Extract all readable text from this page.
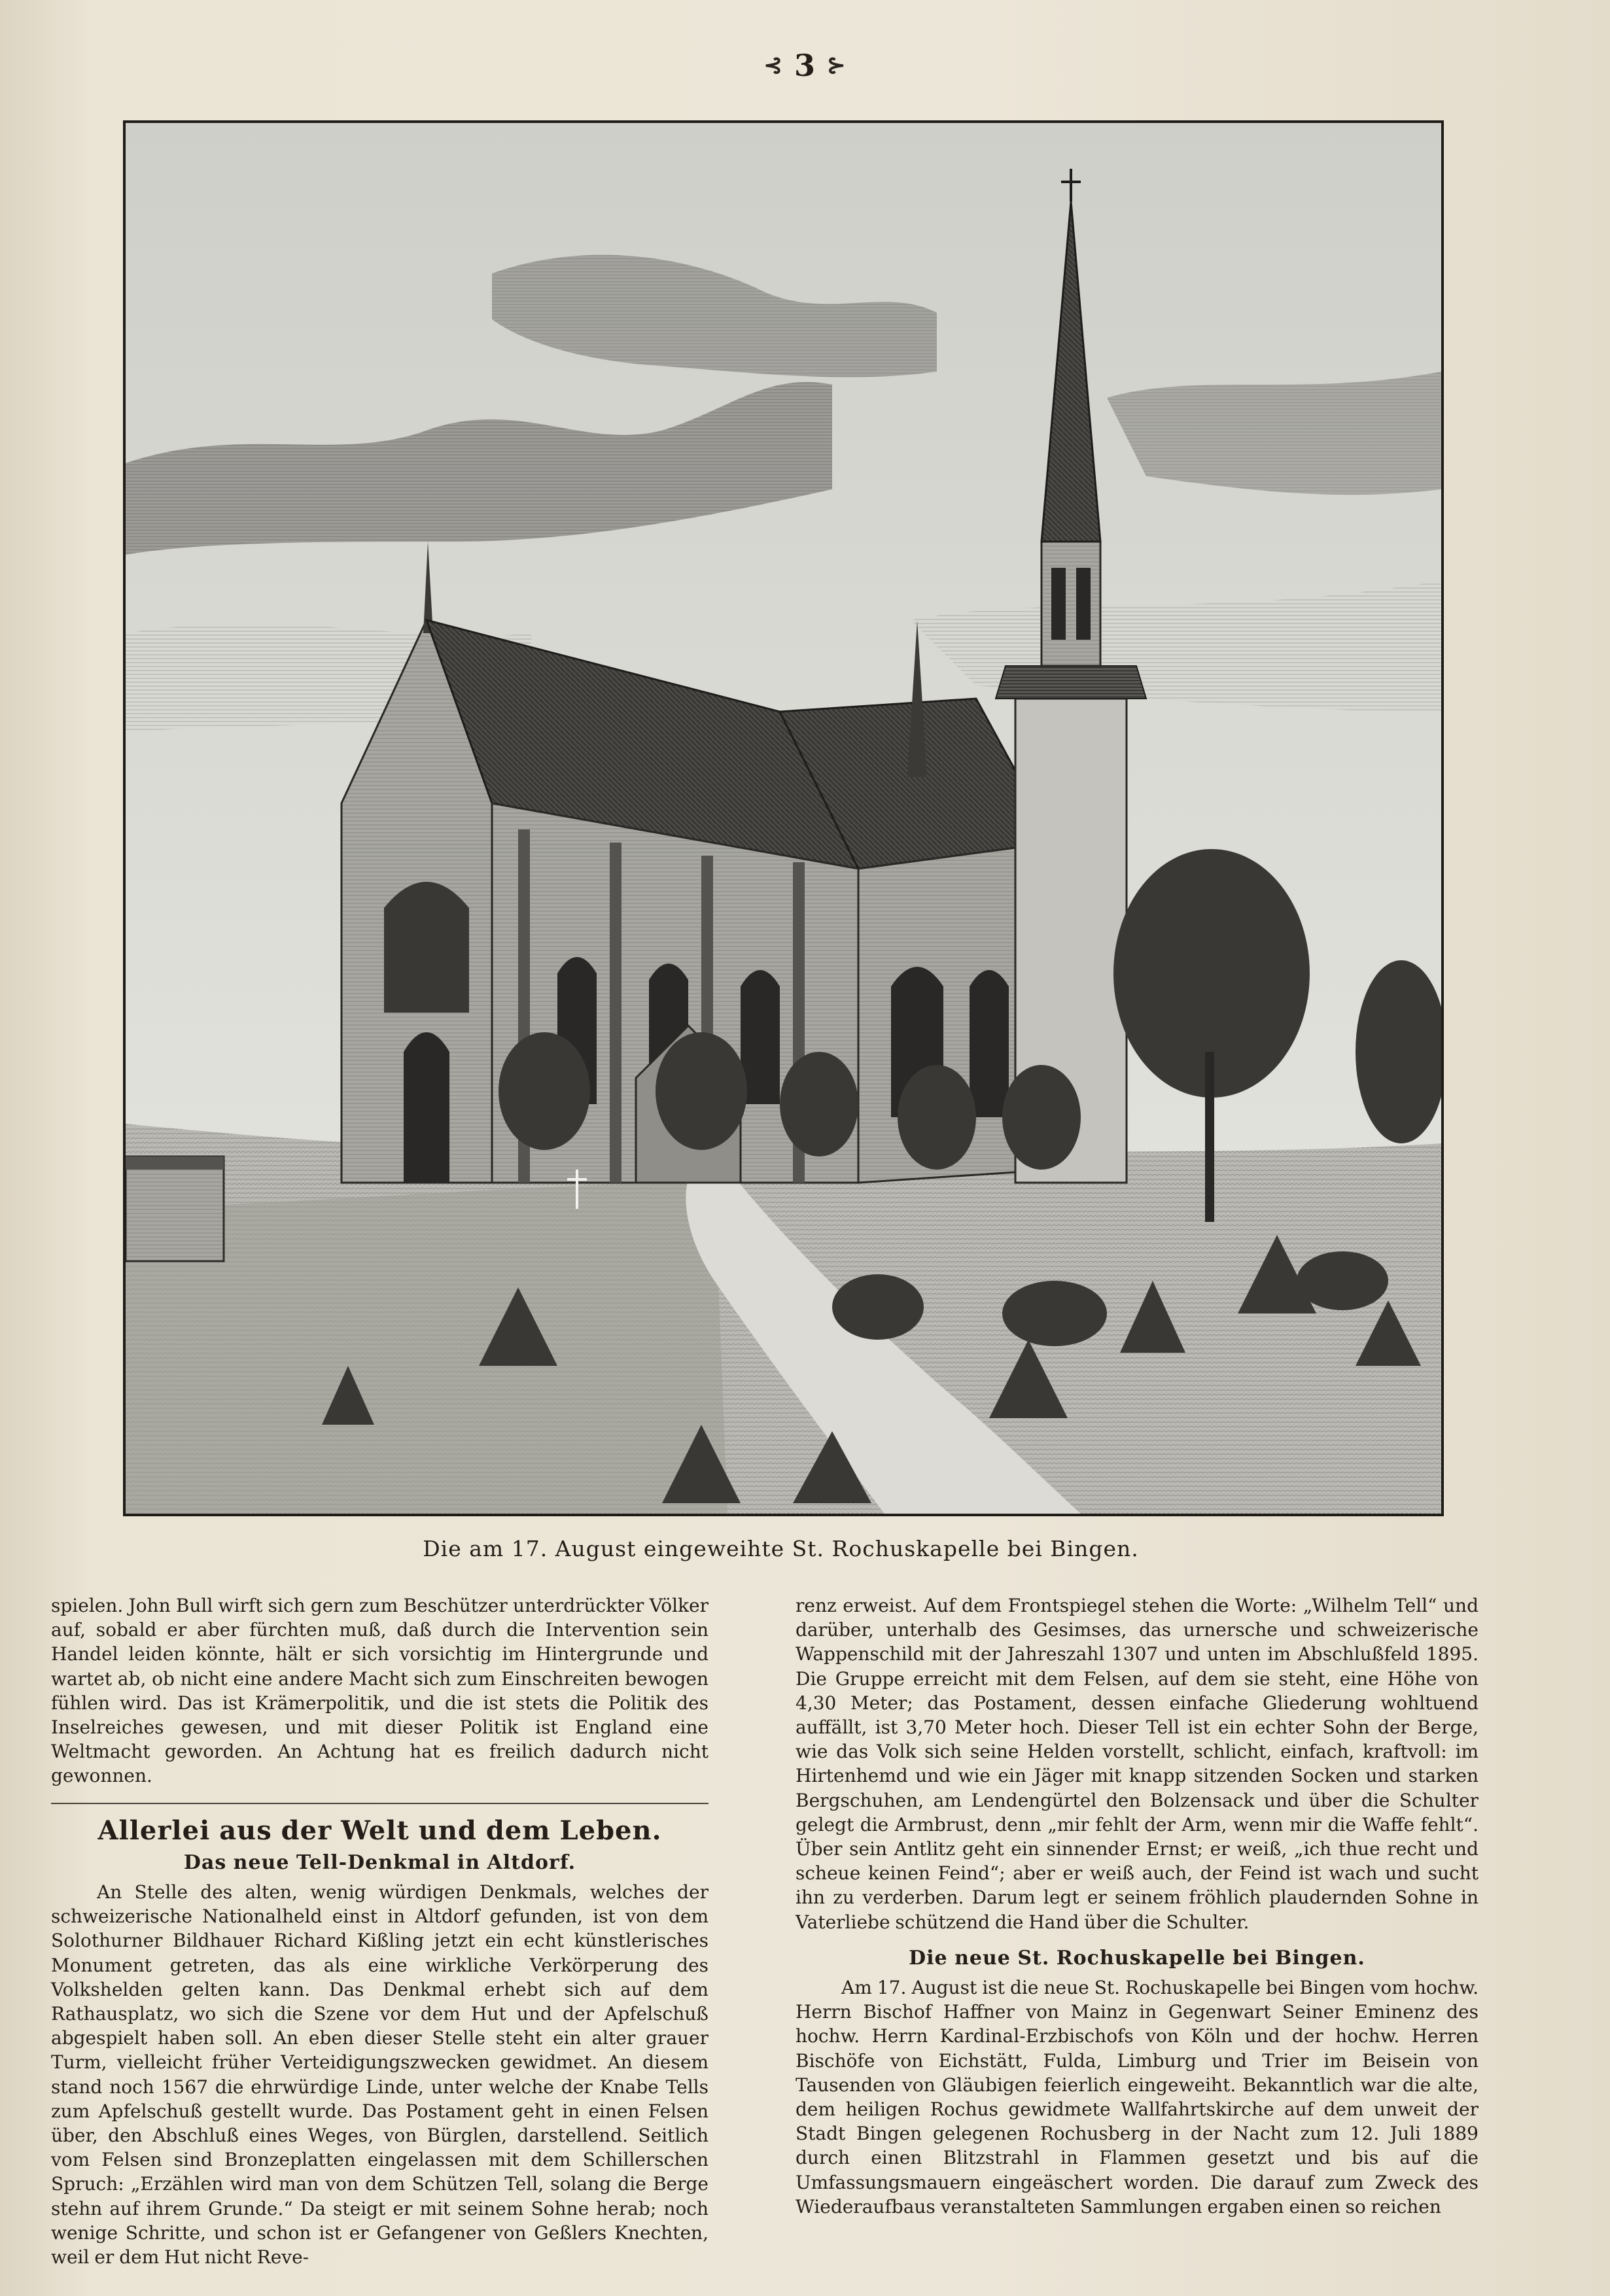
⊰ 3 ⊱
Die am 17. August eingeweihte St. Rochuskapelle bei Bingen.

spielen. John Bull wirft sich gern zum Beschützer unterdrückter Völker auf, sobald er aber fürchten muß, daß durch die Intervention sein Handel leiden könnte, hält er sich vorsichtig im Hintergrunde und wartet ab, ob nicht eine andere Macht sich zum Einschreiten bewogen fühlen wird. Das ist Krämerpolitik, und die ist stets die Politik des Inselreiches gewesen, und mit dieser Politik ist England eine Weltmacht geworden. An Achtung hat es freilich dadurch nicht gewonnen.

Allerlei aus der Welt und dem Leben.
Das neue Tell-Denkmal in Altdorf.

An Stelle des alten, wenig würdigen Denkmals, welches der schweizerische Nationalheld einst in Altdorf gefunden, ist von dem Solothurner Bildhauer Richard Kißling jetzt ein echt künstlerisches Monument getreten, das als eine wirkliche Verkörperung des Volkshelden gelten kann. Das Denkmal erhebt sich auf dem Rathausplatz, wo sich die Szene vor dem Hut und der Apfelschuß abgespielt haben soll. An eben dieser Stelle steht ein alter grauer Turm, vielleicht früher Verteidigungszwecken gewidmet. An diesem stand noch 1567 die ehrwürdige Linde, unter welche der Knabe Tells zum Apfelschuß gestellt wurde. Das Postament geht in einen Felsen über, den Abschluß eines Weges, von Bürglen, darstellend. Seitlich vom Felsen sind Bronzeplatten eingelassen mit dem Schillerschen Spruch: „Erzählen wird man von dem Schützen Tell, solang die Berge stehn auf ihrem Grunde.“ Da steigt er mit seinem Sohne herab; noch wenige Schritte, und schon ist er Gefangener von Geßlers Knechten, weil er dem Hut nicht Reve-

renz erweist. Auf dem Frontspiegel stehen die Worte: „Wilhelm Tell“ und darüber, unterhalb des Gesimses, das urnersche und schweizerische Wappenschild mit der Jahreszahl 1307 und unten im Abschlußfeld 1895. Die Gruppe erreicht mit dem Felsen, auf dem sie steht, eine Höhe von 4,30 Meter; das Postament, dessen einfache Gliederung wohltuend auffällt, ist 3,70 Meter hoch. Dieser Tell ist ein echter Sohn der Berge, wie das Volk sich seine Helden vorstellt, schlicht, einfach, kraftvoll: im Hirtenhemd und wie ein Jäger mit knapp sitzenden Socken und starken Bergschuhen, am Lendengürtel den Bolzensack und über die Schulter gelegt die Armbrust, denn „mir fehlt der Arm, wenn mir die Waffe fehlt“. Über sein Antlitz geht ein sinnender Ernst; er weiß, „ich thue recht und scheue keinen Feind“; aber er weiß auch, der Feind ist wach und sucht ihn zu verderben. Darum legt er seinem fröhlich plaudernden Sohne in Vaterliebe schützend die Hand über die Schulter.

Die neue St. Rochuskapelle bei Bingen.

Am 17. August ist die neue St. Rochuskapelle bei Bingen vom hochw. Herrn Bischof Haffner von Mainz in Gegenwart Seiner Eminenz des hochw. Herrn Kardinal-Erzbischofs von Köln und der hochw. Herren Bischöfe von Eichstätt, Fulda, Limburg und Trier im Beisein von Tausenden von Gläubigen feierlich eingeweiht. Bekanntlich war die alte, dem heiligen Rochus gewidmete Wallfahrtskirche auf dem unweit der Stadt Bingen gelegenen Rochusberg in der Nacht zum 12. Juli 1889 durch einen Blitzstrahl in Flammen gesetzt und bis auf die Umfassungsmauern eingeäschert worden. Die darauf zum Zweck des Wiederaufbaus veranstalteten Sammlungen ergaben einen so reichen
